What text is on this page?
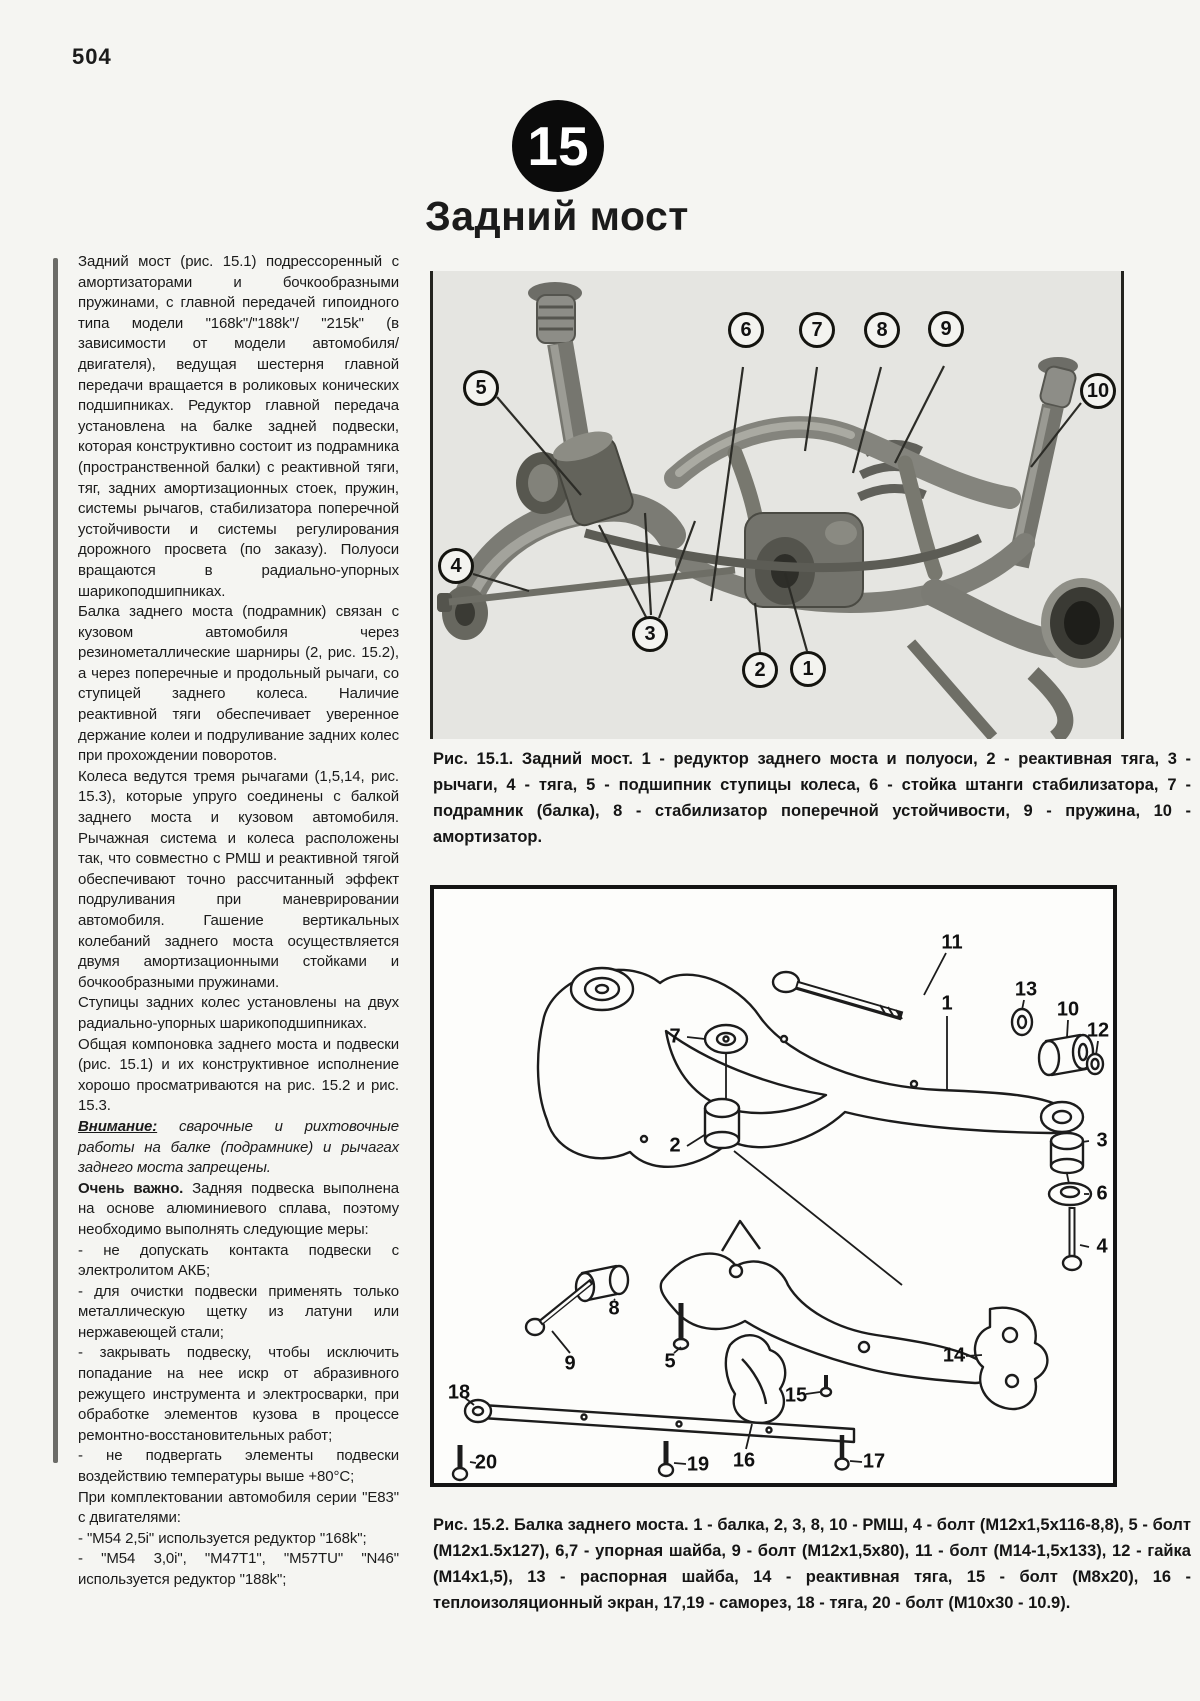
504
15
Задний мост

Задний мост (рис. 15.1) подрессоренный с амортизаторами и бочкообразными пружинами, с главной передачей гипоидного типа модели "168k"/"188k"/ "215k" (в зависимости от модели автомобиля/двигателя), ведущая шестерня главной передачи вращается в роликовых конических подшипниках. Редуктор главной передача установлена на балке задней подвески, которая конструктивно состоит из подрамника (пространственной балки) с реактивной тяги, тяг, задних амортизационных стоек, пружин, системы рычагов, стабилизатора поперечной устойчивости и системы регулирования дорожного просвета (по заказу). Полуоси вращаются в радиально-упорных шарикоподшипниках.

Балка заднего моста (подрамник) связан с кузовом автомобиля через резинометаллические шарниры (2, рис. 15.2), а через поперечные и продольный рычаги, со ступицей заднего колеса. Наличие реактивной тяги обеспечивает уверенное держание колеи и подруливание задних колес при прохождении поворотов.

Колеса ведутся тремя рычагами (1,5,14, рис. 15.3), которые упруго соединены с балкой заднего моста и кузовом автомобиля. Рычажная система и колеса расположены так, что совместно с РМШ и реактивной тягой обеспечивают точно рассчитанный эффект подруливания при маневрировании автомобиля. Гашение вертикальных колебаний заднего моста осуществляется двумя амортизационными стойками и бочкообразными пружинами.

Ступицы задних колес установлены на двух радиально-упорных шарикоподшипниках.

Общая компоновка заднего моста и подвески (рис. 15.1) и их конструктивное исполнение хорошо просматриваются на рис. 15.2 и рис. 15.3.

Внимание: сварочные и рихтовочные работы на балке (подрамнике) и рычагах заднего моста запрещены.

Очень важно. Задняя подвеска выполнена на основе алюминиевого сплава, поэтому необходимо выполнять следующие меры:

- не допускать контакта подвески с электролитом АКБ;

- для очистки подвески применять только металлическую щетку из латуни или нержавеющей стали;

- закрывать подвеску, чтобы исключить попадание на нее искр от абразивного режущего инструмента и электросварки, при обработке элементов кузова в процессе ремонтно-восстановительных работ;

- не подвергать элементы подвески воздействию температуры выше +80°С;

При комплектовании автомобиля серии "Е83" с двигателями:

- "М54 2,5i" используется редуктор "168k";

- "М54 3,0i", "М47Т1", "М57TU" "N46" используется редуктор "188k";

5
6	7	8	9
10
4
3
2	1
Рис. 15.1. Задний мост. 1 - редуктор заднего моста и полуоси, 2 - реактивная тяга, 3 - рычаги, 4 - тяга, 5 - подшипник ступицы колеса, 6 - стойка штанги стабилизатора, 7 - подрамник (балка), 8 - стабилизатор поперечной устойчивости, 9 - пружина, 10 - амортизатор.
11
1
13
10
12
7
2	3
6
4
8
9	5
15
14
18
20	19 16	17
Рис. 15.2. Балка заднего моста. 1 - балка, 2, 3, 8, 10 - РМШ, 4 - болт (М12х1,5х116-8,8), 5 - болт (М12х1.5х127), 6,7 - упорная шайба, 9 - болт (М12х1,5х80), 11 - болт (М14-1,5х133), 12 - гайка (М14х1,5), 13 - распорная шайба, 14 - реактивная тяга, 15 - болт (М8х20), 16 - теплоизоляционный экран, 17,19 - саморез, 18 - тяга, 20 - болт (М10х30 - 10.9).
